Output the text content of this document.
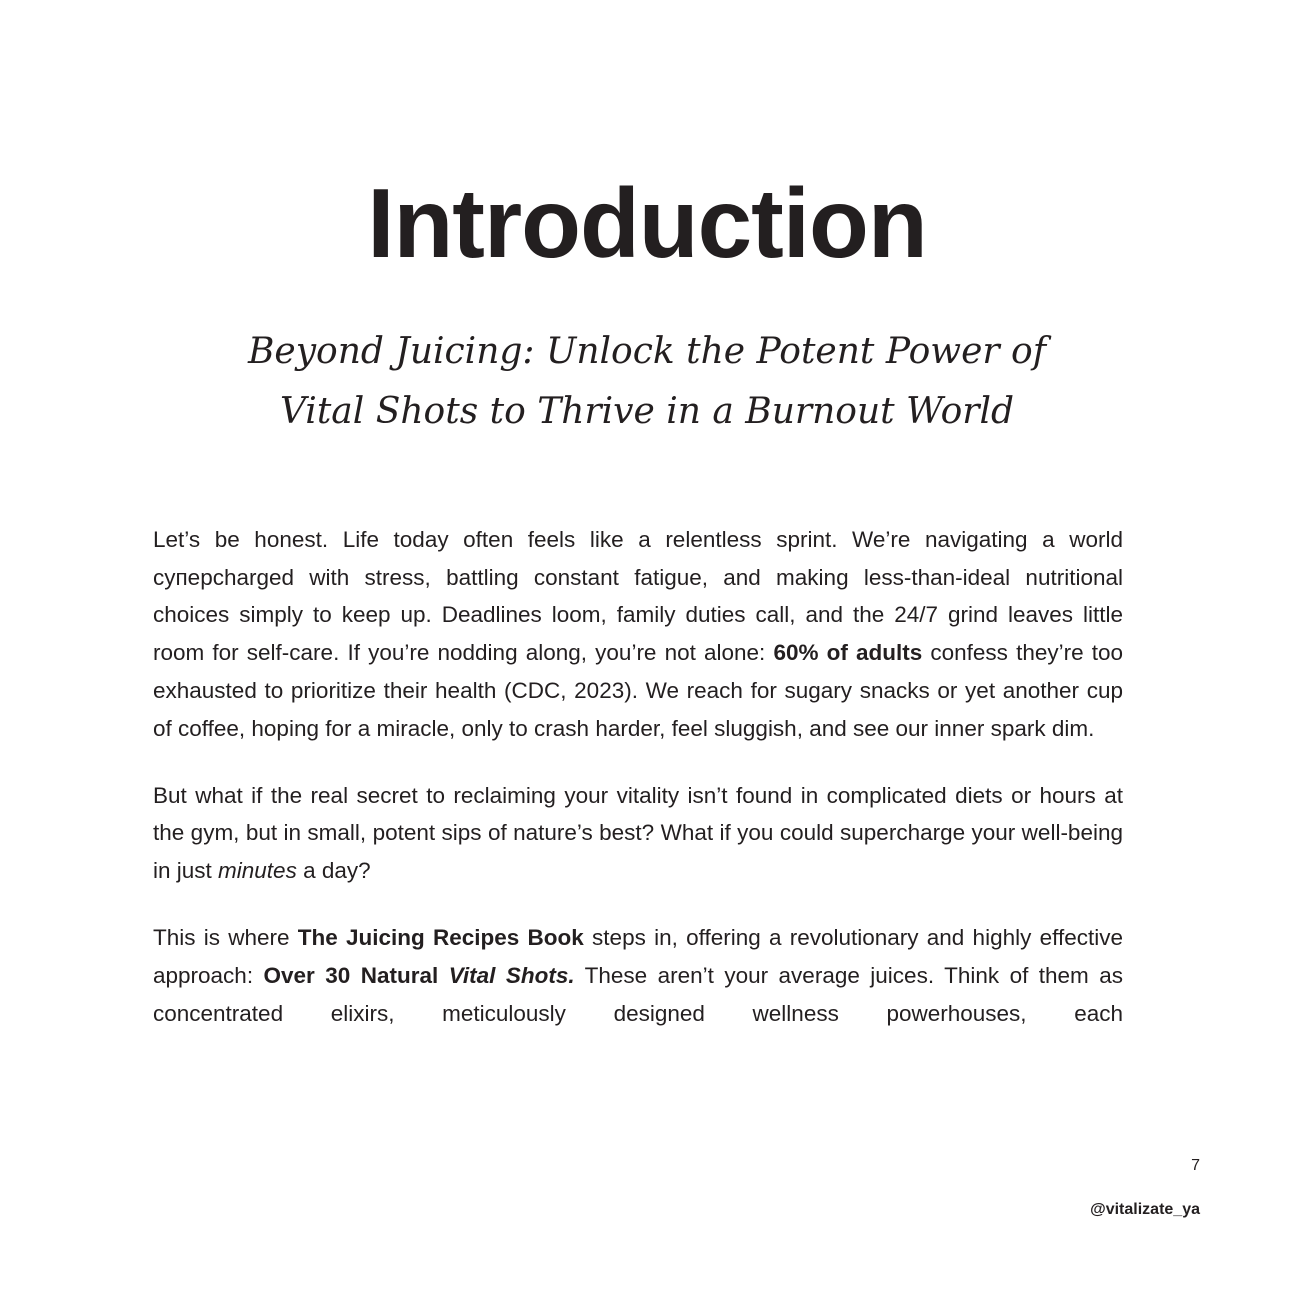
Introduction
Beyond Juicing: Unlock the Potent Power of
Vital Shots to Thrive in a Burnout World

Let’s be honest. Life today often feels like a relentless sprint. We’re navigating a world суперcharged with stress, battling constant fatigue, and making less-than-ideal nutritional choices simply to keep up. Deadlines loom, family duties call, and the 24/7 grind leaves little room for self-care. If you’re nodding along, you’re not alone: 60% of adults confess they’re too exhausted to prioritize their health (CDC, 2023). We reach for sugary snacks or yet another cup of coffee, hoping for a miracle, only to crash harder, feel sluggish, and see our inner spark dim.

But what if the real secret to reclaiming your vitality isn’t found in complicated diets or hours at the gym, but in small, potent sips of nature’s best? What if you could supercharge your well-being in just minutes a day?

This is where The Juicing Recipes Book steps in, offering a revolutionary and highly effective approach: Over 30 Natural Vital Shots. These aren’t your average juices. Think of them as concentrated elixirs, meticulously designed wellness powerhouses, each

7
@vitalizate_ya
